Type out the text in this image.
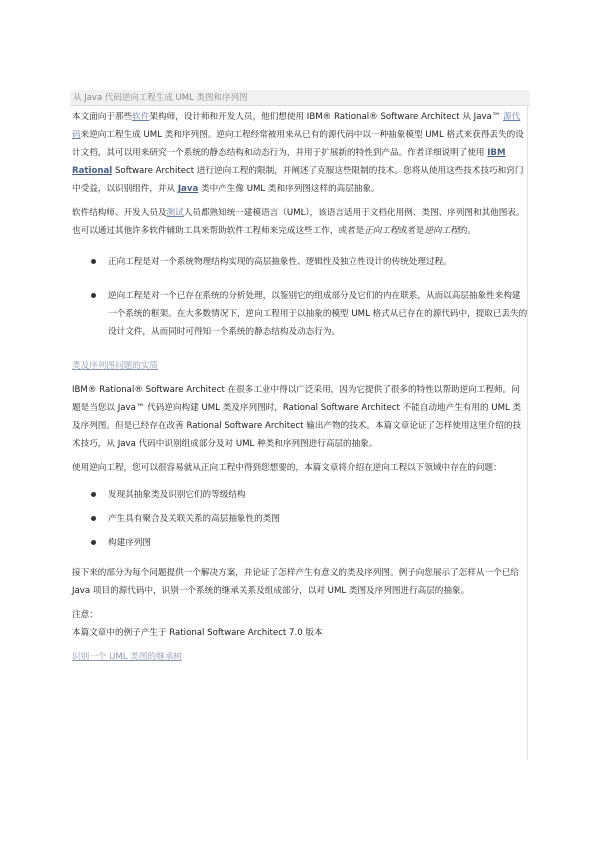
从 Java 代码逆向工程生成 UML 类图和序列图

本文面向于那些软件架构师，设计师和开发人员，他们想使用 IBM® Rational® Software Architect 从 Java™ 源代码来逆向工程生成 UML 类和序列图。逆向工程经常被用来从已有的源代码中以一种抽象模型 UML 格式来获得丢失的设计文档，其可以用来研究一个系统的静态结构和动态行为，并用于扩展新的特性到产品。作者详细说明了使用 IBM Rational Software Architect 进行逆向工程的限制，并阐述了克服这些限制的技术。您将从使用这些技术技巧和窍门中受益，以识别组件，并从 Java 类中产生像 UML 类和序列图这样的高层抽象。

软件结构师、开发人员及测试人员都熟知统一建模语言（UML），该语言适用于文档化用例、类图、序列图和其他图表。也可以通过其他许多软件辅助工具来帮助软件工程师来完成这些工作，或者是正向工程或者是逆向工程的。

正向工程是对一个系统物理结构实现的高层抽象性、逻辑性及独立性设计的传统处理过程。
逆向工程是对一个已存在系统的分析处理，以鉴别它的组成部分及它们的内在联系，从而以高层抽象性来构建一个系统的框架。在大多数情况下，逆向工程用于以抽象的模型 UML 格式从已存在的源代码中，提取已丢失的设计文件，从而同时可得知一个系统的静态结构及动态行为。

类及序列图问题的实质

IBM® Rational® Software Architect 在很多工业中得以广泛采用，因为它提供了很多的特性以帮助逆向工程师。问题是当您以 Java™ 代码逆向构建 UML 类及序列图时，Rational Software Architect 不能自动地产生有用的 UML 类及序列图。但是已经存在改善 Rational Software Architect 输出产物的技术。本篇文章论证了怎样使用这里介绍的技术技巧，从 Java 代码中识别组成部分及对 UML 种类和序列图进行高层的抽象。

使用逆向工程，您可以很容易就从正向工程中得到您想要的，本篇文章将介绍在逆向工程以下领域中存在的问题：

发现其抽象类及识别它们的等级结构
产生具有聚合及关联关系的高层抽象性的类图
构建序列图

接下来的部分为每个问题提供一个解决方案，并论证了怎样产生有意义的类及序列图。例子向您展示了怎样从一个已给 Java 项目的源代码中，识别一个系统的继承关系及组成部分，以对 UML 类图及序列图进行高层的抽象。

注意：

本篇文章中的例子产生于 Rational Software Architect 7.0 版本

识别一个 UML 类图的继承树
